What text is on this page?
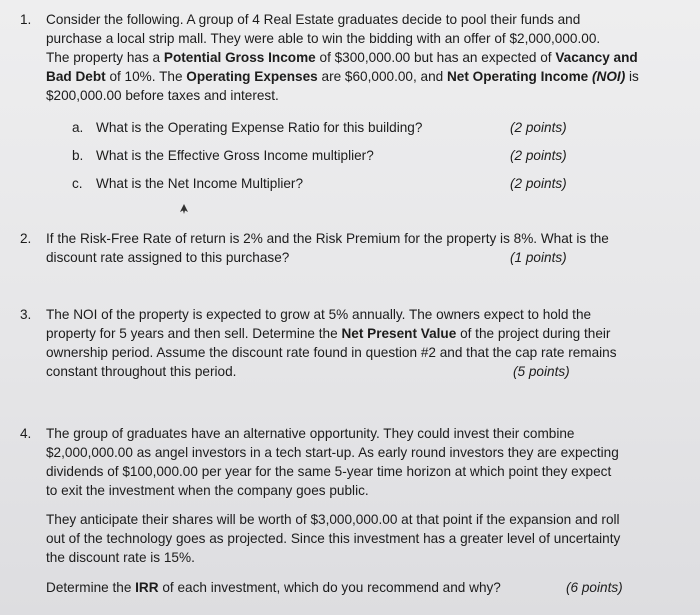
1. Consider the following. A group of 4 Real Estate graduates decide to pool their funds and

purchase a local strip mall. They were able to win the bidding with an offer of $2,000,000.00.

The property has a Potential Gross Income of $300,000.00 but has an expected of Vacancy and

Bad Debt of 10%. The Operating Expenses are $60,000.00, and Net Operating Income (NOI) is

$200,000.00 before taxes and interest.

a. What is the Operating Expense Ratio for this building?	(2 points)
b. What is the Effective Gross Income multiplier?	(2 points)
c. What is the Net Income Multiplier?	(2 points)
2. If the Risk-Free Rate of return is 2% and the Risk Premium for the property is 8%. What is the

discount rate assigned to this purchase?	(1 points)
3. The NOI of the property is expected to grow at 5% annually. The owners expect to hold the

property for 5 years and then sell. Determine the Net Present Value of the project during their

ownership period. Assume the discount rate found in question #2 and that the cap rate remains

constant throughout this period.	(5 points)
4. The group of graduates have an alternative opportunity. They could invest their combine

$2,000,000.00 as angel investors in a tech start-up. As early round investors they are expecting

dividends of $100,000.00 per year for the same 5-year time horizon at which point they expect

to exit the investment when the company goes public.

They anticipate their shares will be worth of $3,000,000.00 at that point if the expansion and roll

out of the technology goes as projected. Since this investment has a greater level of uncertainty

the discount rate is 15%.

Determine the IRR of each investment, which do you recommend and why?	(6 points)
